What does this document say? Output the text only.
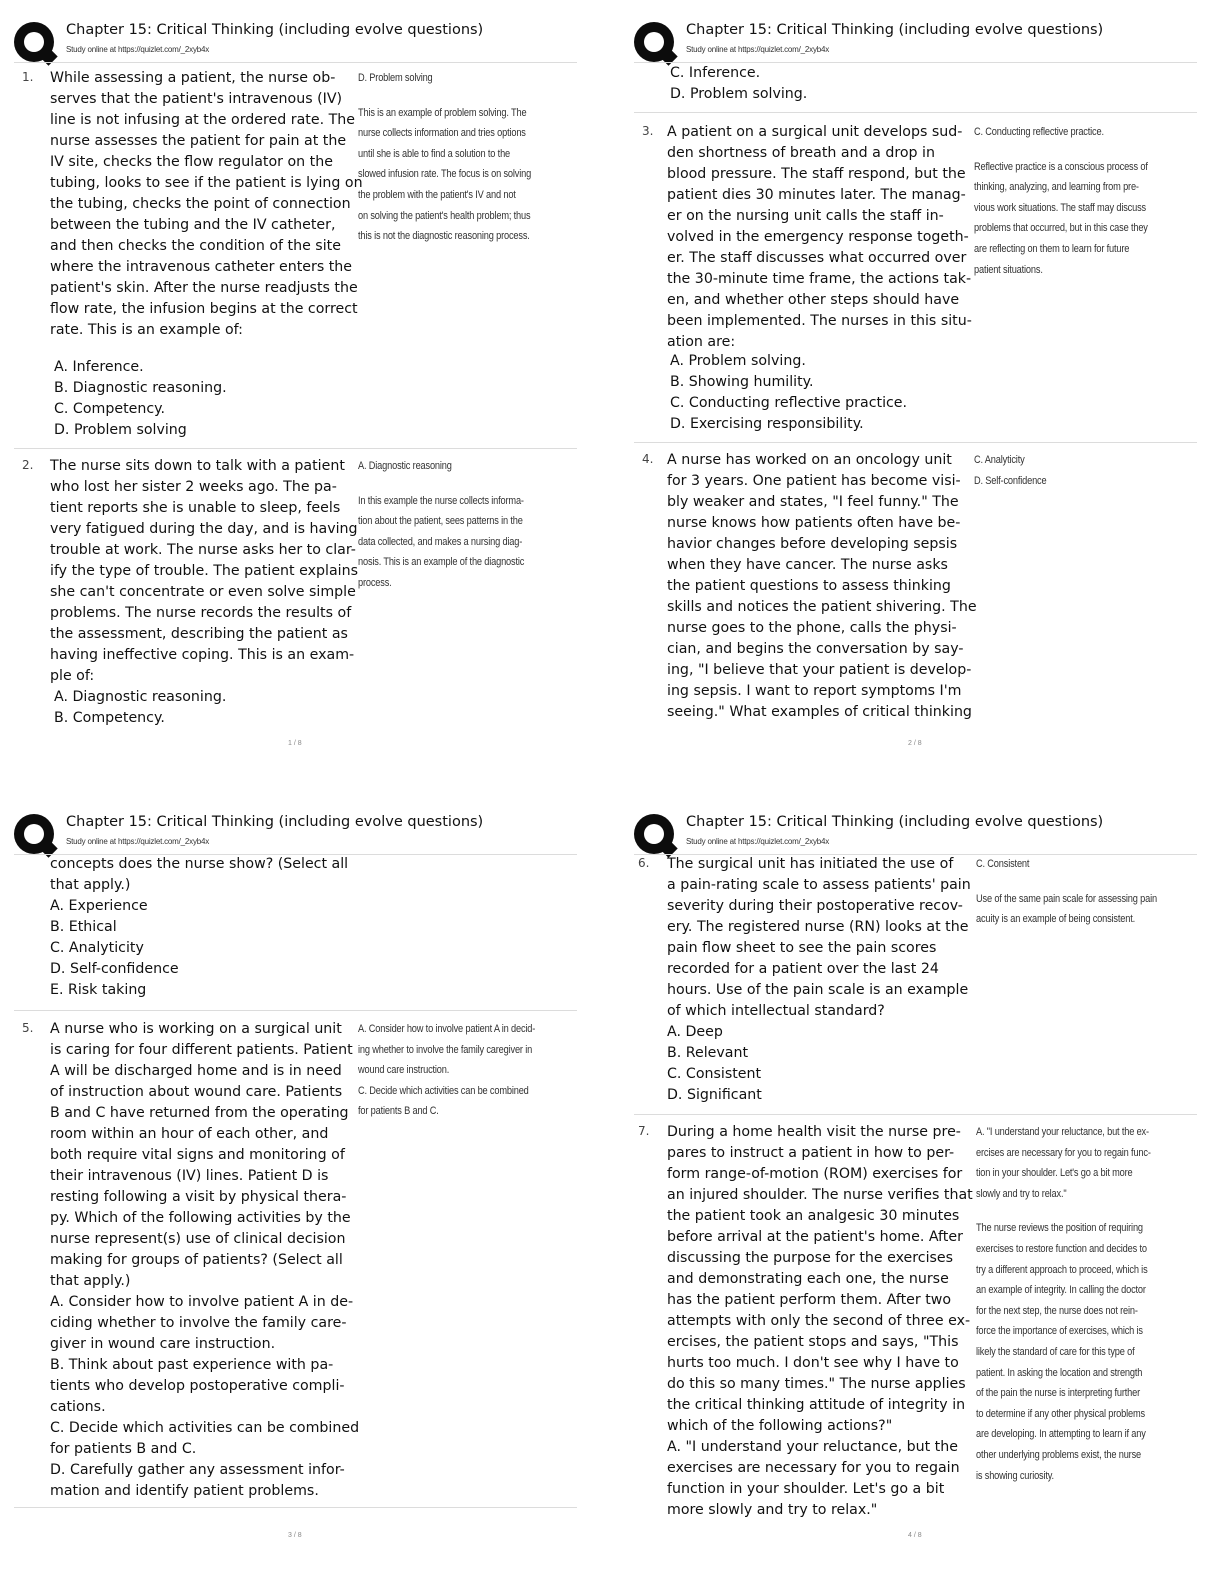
Chapter 15: Critical Thinking (including evolve questions)
Study online at https://quizlet.com/_2xyb4x
1. While assessing a patient, the nurse ob-
serves that the patient's intravenous (IV)
line is not infusing at the ordered rate. The
nurse assesses the patient for pain at the
IV site, checks the flow regulator on the
tubing, looks to see if the patient is lying on
the tubing, checks the point of connection
between the tubing and the IV catheter,
and then checks the condition of the site
where the intravenous catheter enters the
patient's skin. After the nurse readjusts the
flow rate, the infusion begins at the correct
rate. This is an example of:
A. Inference.
B. Diagnostic reasoning.
C. Competency.
D. Problem solving
D. Problem solving
This is an example of problem solving. The
nurse collects information and tries options
until she is able to find a solution to the
slowed infusion rate. The focus is on solving
the problem with the patient's IV and not
on solving the patient's health problem; thus
this is not the diagnostic reasoning process.
2. The nurse sits down to talk with a patient
who lost her sister 2 weeks ago. The pa-
tient reports she is unable to sleep, feels
very fatigued during the day, and is having
trouble at work. The nurse asks her to clar-
ify the type of trouble. The patient explains
she can't concentrate or even solve simple
problems. The nurse records the results of
the assessment, describing the patient as
having ineffective coping. This is an exam-
ple of:
A. Diagnostic reasoning.
B. Competency.
A. Diagnostic reasoning
In this example the nurse collects informa-
tion about the patient, sees patterns in the
data collected, and makes a nursing diag-
nosis. This is an example of the diagnostic
process.
1 / 8
Chapter 15: Critical Thinking (including evolve questions)
Study online at https://quizlet.com/_2xyb4x
C. Inference.
D. Problem solving.
3. A patient on a surgical unit develops sud-
den shortness of breath and a drop in
blood pressure. The staff respond, but the
patient dies 30 minutes later. The manag-
er on the nursing unit calls the staff in-
volved in the emergency response togeth-
er. The staff discusses what occurred over
the 30-minute time frame, the actions tak-
en, and whether other steps should have
been implemented. The nurses in this situ-
ation are:
A. Problem solving.
B. Showing humility.
C. Conducting reflective practice.
D. Exercising responsibility.
C. Conducting reflective practice.
Reflective practice is a conscious process of
thinking, analyzing, and learning from pre-
vious work situations. The staff may discuss
problems that occurred, but in this case they
are reflecting on them to learn for future
patient situations.
4. A nurse has worked on an oncology unit
for 3 years. One patient has become visi-
bly weaker and states, "I feel funny." The
nurse knows how patients often have be-
havior changes before developing sepsis
when they have cancer. The nurse asks
the patient questions to assess thinking
skills and notices the patient shivering. The
nurse goes to the phone, calls the physi-
cian, and begins the conversation by say-
ing, "I believe that your patient is develop-
ing sepsis. I want to report symptoms I'm
seeing." What examples of critical thinking
C. Analyticity
D. Self-confidence
2 / 8
Chapter 15: Critical Thinking (including evolve questions)
Study online at https://quizlet.com/_2xyb4x
concepts does the nurse show? (Select all
that apply.)
A. Experience
B. Ethical
C. Analyticity
D. Self-confidence
E. Risk taking
5. A nurse who is working on a surgical unit
is caring for four different patients. Patient
A will be discharged home and is in need
of instruction about wound care. Patients
B and C have returned from the operating
room within an hour of each other, and
both require vital signs and monitoring of
their intravenous (IV) lines. Patient D is
resting following a visit by physical thera-
py. Which of the following activities by the
nurse represent(s) use of clinical decision
making for groups of patients? (Select all
that apply.)
A. Consider how to involve patient A in de-
ciding whether to involve the family care-
giver in wound care instruction.
B. Think about past experience with pa-
tients who develop postoperative compli-
cations.
C. Decide which activities can be combined
for patients B and C.
D. Carefully gather any assessment infor-
mation and identify patient problems.
A. Consider how to involve patient A in decid-
ing whether to involve the family caregiver in
wound care instruction.
C. Decide which activities can be combined
for patients B and C.
3 / 8
Chapter 15: Critical Thinking (including evolve questions)
Study online at https://quizlet.com/_2xyb4x
6. The surgical unit has initiated the use of
a pain-rating scale to assess patients' pain
severity during their postoperative recov-
ery. The registered nurse (RN) looks at the
pain flow sheet to see the pain scores
recorded for a patient over the last 24
hours. Use of the pain scale is an example
of which intellectual standard?
A. Deep
B. Relevant
C. Consistent
D. Significant
C. Consistent
Use of the same pain scale for assessing pain
acuity is an example of being consistent.
7. During a home health visit the nurse pre-
pares to instruct a patient in how to per-
form range-of-motion (ROM) exercises for
an injured shoulder. The nurse verifies that
the patient took an analgesic 30 minutes
before arrival at the patient's home. After
discussing the purpose for the exercises
and demonstrating each one, the nurse
has the patient perform them. After two
attempts with only the second of three ex-
ercises, the patient stops and says, "This
hurts too much. I don't see why I have to
do this so many times." The nurse applies
the critical thinking attitude of integrity in
which of the following actions?"
A. "I understand your reluctance, but the
exercises are necessary for you to regain
function in your shoulder. Let's go a bit
more slowly and try to relax."
A. "I understand your reluctance, but the ex-
ercises are necessary for you to regain func-
tion in your shoulder. Let's go a bit more
slowly and try to relax."
The nurse reviews the position of requiring
exercises to restore function and decides to
try a different approach to proceed, which is
an example of integrity. In calling the doctor
for the next step, the nurse does not rein-
force the importance of exercises, which is
likely the standard of care for this type of
patient. In asking the location and strength
of the pain the nurse is interpreting further
to determine if any other physical problems
are developing. In attempting to learn if any
other underlying problems exist, the nurse
is showing curiosity.
4 / 8
